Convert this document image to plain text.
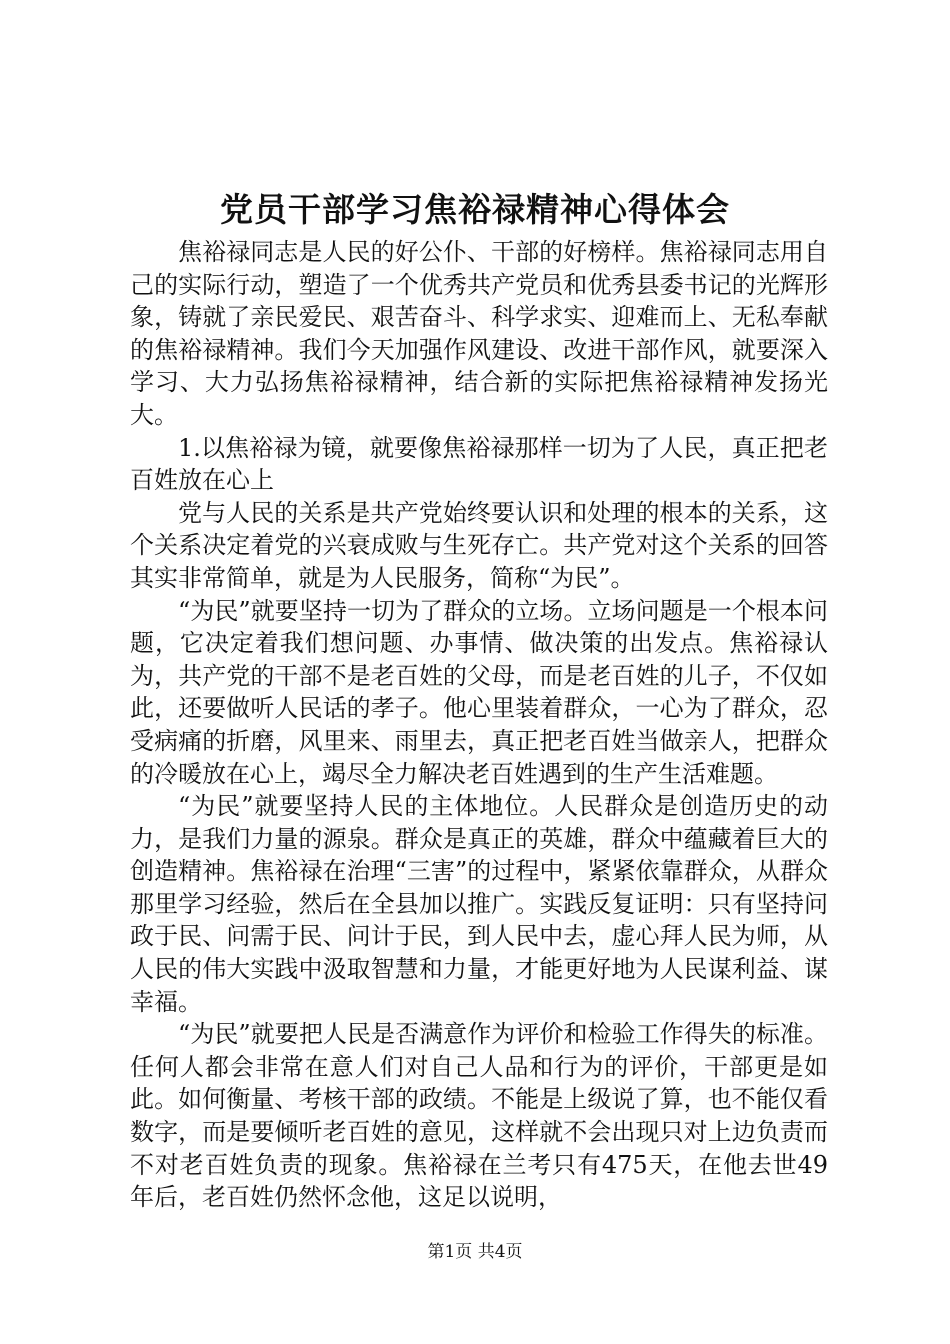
党员干部学习焦裕禄精神心得体会

焦裕禄同志是人民的好公仆、干部的好榜样。焦裕禄同志用自己的实际行动，塑造了一个优秀共产党员和优秀县委书记的光辉形象，铸就了亲民爱民、艰苦奋斗、科学求实、迎难而上、无私奉献的焦裕禄精神。我们今天加强作风建设、改进干部作风，就要深入学习、大力弘扬焦裕禄精神，结合新的实际把焦裕禄精神发扬光大。

1.以焦裕禄为镜，就要像焦裕禄那样一切为了人民，真正把老百姓放在心上

党与人民的关系是共产党始终要认识和处理的根本的关系，这个关系决定着党的兴衰成败与生死存亡。共产党对这个关系的回答其实非常简单，就是为人民服务，简称“为民”。

“为民”就要坚持一切为了群众的立场。立场问题是一个根本问题，它决定着我们想问题、办事情、做决策的出发点。焦裕禄认为，共产党的干部不是老百姓的父母，而是老百姓的儿子，不仅如此，还要做听人民话的孝子。他心里装着群众，一心为了群众，忍受病痛的折磨，风里来、雨里去，真正把老百姓当做亲人，把群众的冷暖放在心上，竭尽全力解决老百姓遇到的生产生活难题。

“为民”就要坚持人民的主体地位。人民群众是创造历史的动力，是我们力量的源泉。群众是真正的英雄，群众中蕴藏着巨大的创造精神。焦裕禄在治理“三害”的过程中，紧紧依靠群众，从群众那里学习经验，然后在全县加以推广。实践反复证明：只有坚持问政于民、问需于民、问计于民，到人民中去，虚心拜人民为师，从人民的伟大实践中汲取智慧和力量，才能更好地为人民谋利益、谋幸福。

“为民”就要把人民是否满意作为评价和检验工作得失的标准。任何人都会非常在意人们对自己人品和行为的评价，干部更是如此。如何衡量、考核干部的政绩。不能是上级说了算，也不能仅看数字，而是要倾听老百姓的意见，这样就不会出现只对上边负责而不对老百姓负责的现象。焦裕禄在兰考只有475天，在他去世49年后，老百姓仍然怀念他，这足以说明，

第1页 共4页
